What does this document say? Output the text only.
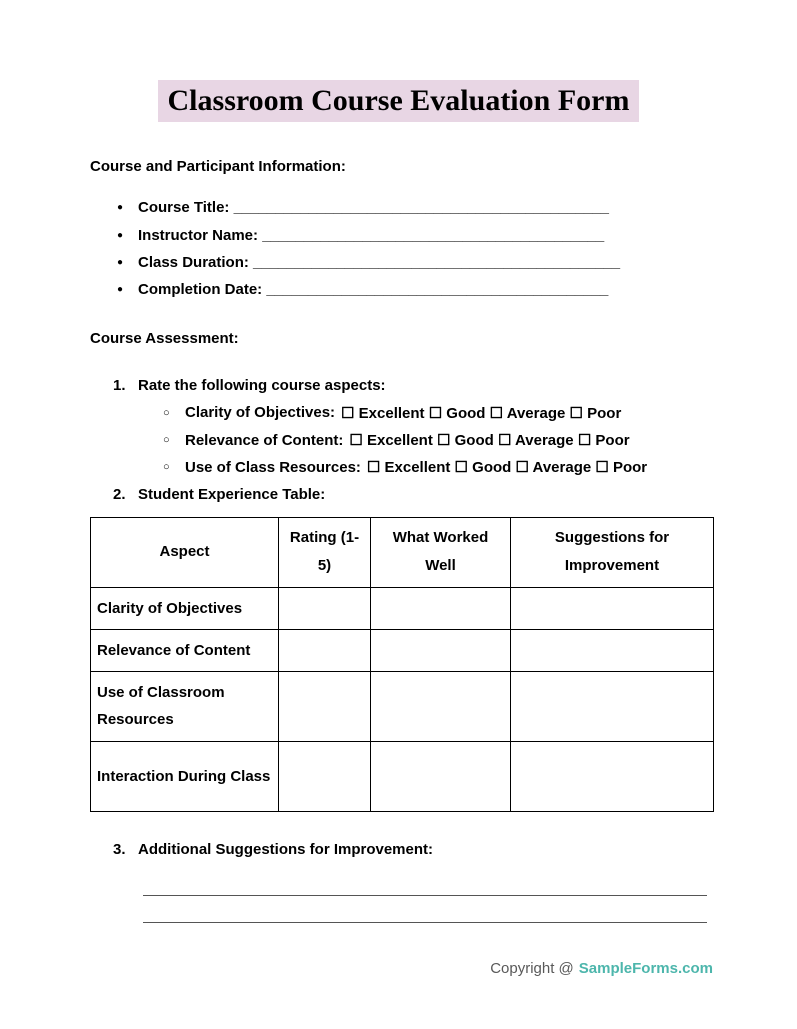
Classroom Course Evaluation Form
Course and Participant Information:
● Course Title: _____________________________________________
● Instructor Name: _________________________________________
● Class Duration: ____________________________________________
● Completion Date: _________________________________________
Course Assessment:
1. Rate the following course aspects:
○	Clarity of Objectives: ☐ Excellent ☐ Good ☐ Average ☐ Poor
○	Relevance of Content: ☐ Excellent ☐ Good ☐ Average ☐ Poor
○	Use of Class Resources: ☐ Excellent ☐ Good ☐ Average ☐ Poor
2. Student Experience Table:
Aspect	Rating (1-5)	What Worked Well	Suggestions for Improvement
Clarity of Objectives			
Relevance of Content			
Use of Classroom Resources			
Interaction During Class			
3. Additional Suggestions for Improvement:
Copyright @ SampleForms.com
